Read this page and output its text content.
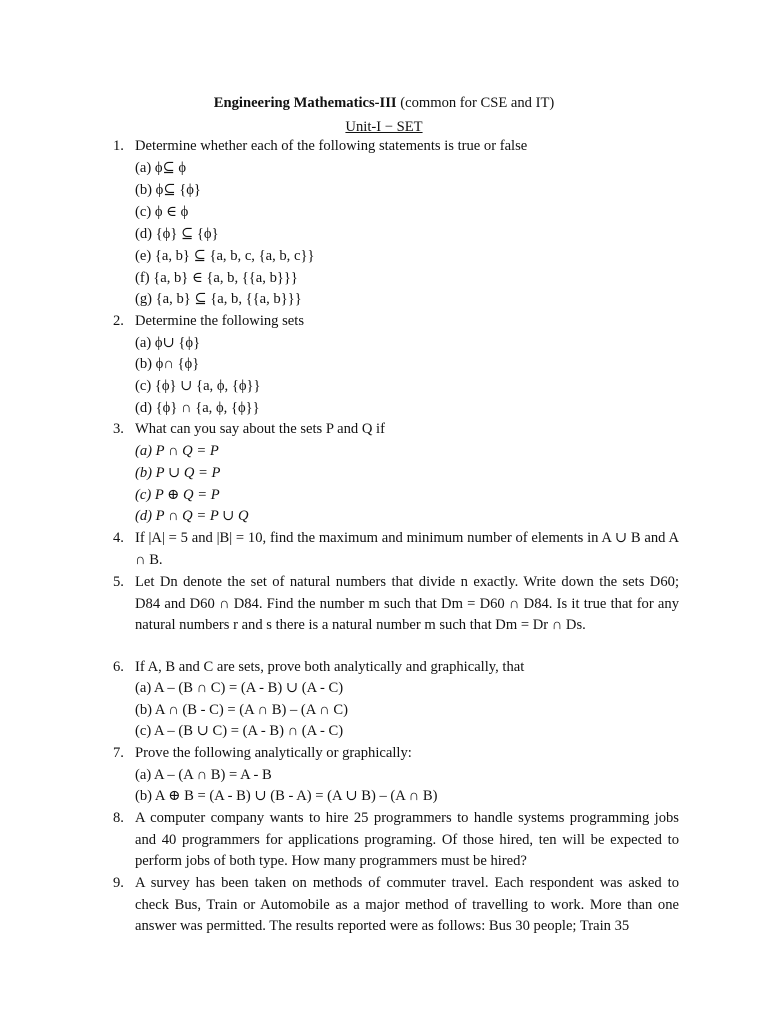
Engineering Mathematics-III (common for CSE and IT)
Unit-I − SET
1. Determine whether each of the following statements is true or false
(a) ϕ⊆ ϕ
(b) ϕ⊆ {ϕ}
(c) ϕ ∈ ϕ
(d) {ϕ} ⊆ {ϕ}
(e) {a, b} ⊆ {a, b, c, {a, b, c}}
(f) {a, b} ∈ {a, b, {{a, b}}}
(g) {a, b} ⊆ {a, b, {{a, b}}}
2. Determine the following sets
(a) ϕ∪ {ϕ}
(b) ϕ∩ {ϕ}
(c) {ϕ} ∪ {a, ϕ, {ϕ}}
(d) {ϕ} ∩ {a, ϕ, {ϕ}}
3. What can you say about the sets P and Q if
(a) P ∩ Q = P
(b) P ∪ Q = P
(c) P ⊕ Q = P
(d) P ∩ Q = P ∪ Q
4. If |A| = 5 and |B| = 10, find the maximum and minimum number of elements in A ∪ B and A ∩ B.
5. Let Dn denote the set of natural numbers that divide n exactly. Write down the sets D60; D84 and D60 ∩ D84. Find the number m such that Dm = D60 ∩ D84. Is it true that for any natural numbers r and s there is a natural number m such that Dm = Dr ∩ Ds.
6. If A, B and C are sets, prove both analytically and graphically, that
(a) A – (B ∩ C) = (A - B) ∪ (A - C)
(b) A ∩ (B - C) = (A ∩ B) – (A ∩ C)
(c) A – (B ∪ C) = (A - B) ∩ (A - C)
7. Prove the following analytically or graphically:
(a) A – (A ∩ B) = A - B
(b) A ⊕ B = (A - B) ∪ (B - A) = (A ∪ B) – (A ∩ B)
8. A computer company wants to hire 25 programmers to handle systems programming jobs and 40 programmers for applications programing. Of those hired, ten will be expected to perform jobs of both type. How many programmers must be hired?
9. A survey has been taken on methods of commuter travel. Each respondent was asked to check Bus, Train or Automobile as a major method of travelling to work. More than one answer was permitted. The results reported were as follows: Bus 30 people; Train 35
